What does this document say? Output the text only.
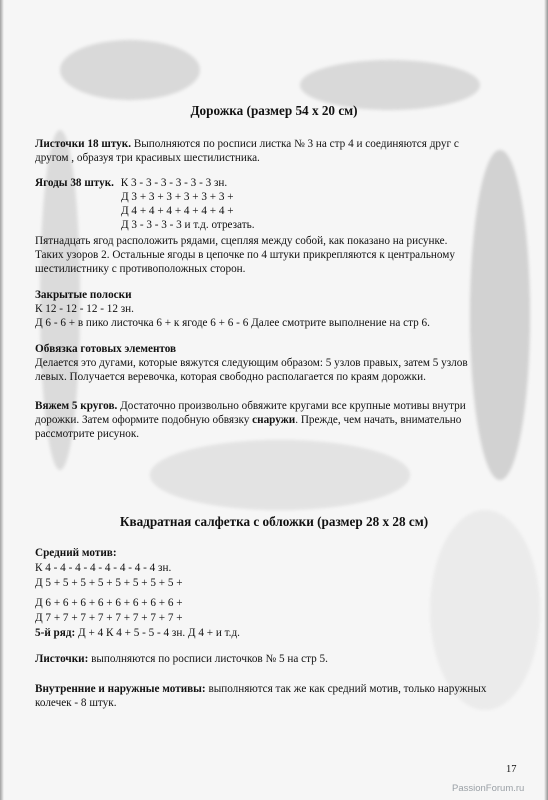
Дорожка (размер 54 х 20 см)
Листочки 18 штук. Выполняются по росписи листка № 3 на стр 4 и соединяются друг с
другом , образуя три красивых шестилистника.
Ягоды 38 штук. К 3 - 3 - 3 - 3 - 3 - 3 зн.
Д 3 + 3 + 3 + 3 + 3 + 3 +
Д 4 + 4 + 4 + 4 + 4 + 4 +
Д 3 - 3 - 3 - 3 и т.д. отрезать.
Пятнадцать ягод расположить рядами, сцепляя между собой, как показано на рисунке.
Таких узоров 2. Остальные ягоды в цепочке по 4 штуки прикрепляются к центральному
шестилистнику с противоположных сторон.
Закрытые полоски
К 12 - 12 - 12 - 12 зн.
Д 6 - 6 + в пико листочка 6 + к ягоде 6 + 6 - 6 Далее смотрите выполнение на стр 6.
Обвязка готовых элементов
Делается это дугами, которые вяжутся следующим образом: 5 узлов правых, затем 5 узлов
левых. Получается веревочка, которая свободно располагается по краям дорожки.
Вяжем 5 кругов. Достаточно произвольно обвяжите кругами все крупные мотивы внутри
дорожки. Затем оформите подобную обвязку снаружи. Прежде, чем начать, внимательно
рассмотрите рисунок.
Квадратная салфетка с обложки (размер 28 х 28 см)
Средний мотив:
К 4 - 4 - 4 - 4 - 4 - 4 - 4 - 4 зн.
Д 5 + 5 + 5 + 5 + 5 + 5 + 5 + 5 +
Д 6 + 6 + 6 + 6 + 6 + 6 + 6 + 6 +
Д 7 + 7 + 7 + 7 + 7 + 7 + 7 + 7 +
5-й ряд: Д + 4 К 4 + 5 - 5 - 4 зн. Д 4 + и т.д.
Листочки: выполняются по росписи листочков № 5 на стр 5.
Внутренние и наружные мотивы: выполняются так же как средний мотив, только наружных
колечек - 8 штук.
17
PassionForum.ru
